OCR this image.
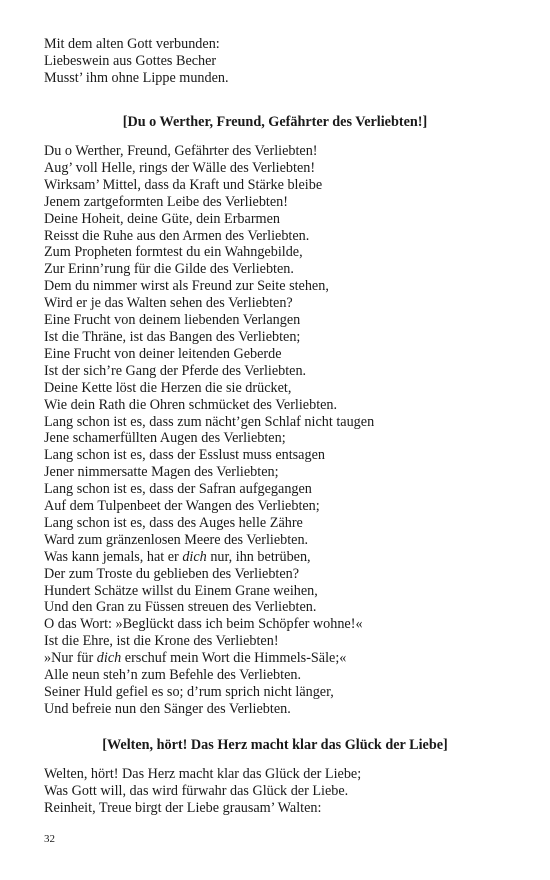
Mit dem alten Gott verbunden:
Liebeswein aus Gottes Becher
Musst’ ihm ohne Lippe munden.
[Du o Werther, Freund, Gefährter des Verliebten!]
Du o Werther, Freund, Gefährter des Verliebten!
Aug’ voll Helle, rings der Wälle des Verliebten!
Wirksam’ Mittel, dass da Kraft und Stärke bleibe
Jenem zartgeformten Leibe des Verliebten!
Deine Hoheit, deine Güte, dein Erbarmen
Reisst die Ruhe aus den Armen des Verliebten.
Zum Propheten formtest du ein Wahngebilde,
Zur Erinn’rung für die Gilde des Verliebten.
Dem du nimmer wirst als Freund zur Seite stehen,
Wird er je das Walten sehen des Verliebten?
Eine Frucht von deinem liebenden Verlangen
Ist die Thräne, ist das Bangen des Verliebten;
Eine Frucht von deiner leitenden Geberde
Ist der sich’re Gang der Pferde des Verliebten.
Deine Kette löst die Herzen die sie drücket,
Wie dein Rath die Ohren schmücket des Verliebten.
Lang schon ist es, dass zum nächt’gen Schlaf nicht taugen
Jene schamerfüllten Augen des Verliebten;
Lang schon ist es, dass der Esslust muss entsagen
Jener nimmersatte Magen des Verliebten;
Lang schon ist es, dass der Safran aufgegangen
Auf dem Tulpenbeet der Wangen des Verliebten;
Lang schon ist es, dass des Auges helle Zähre
Ward zum gränzenlosen Meere des Verliebten.
Was kann jemals, hat er dich nur, ihn betrüben,
Der zum Troste du geblieben des Verliebten?
Hundert Schätze willst du Einem Grane weihen,
Und den Gran zu Füssen streuen des Verliebten.
O das Wort: »Beglückt dass ich beim Schöpfer wohne!«
Ist die Ehre, ist die Krone des Verliebten!
»Nur für dich erschuf mein Wort die Himmels-Säle;«
Alle neun steh’n zum Befehle des Verliebten.
Seiner Huld gefiel es so; d’rum sprich nicht länger,
Und befreie nun den Sänger des Verliebten.
[Welten, hört! Das Herz macht klar das Glück der Liebe]
Welten, hört! Das Herz macht klar das Glück der Liebe;
Was Gott will, das wird fürwahr das Glück der Liebe.
Reinheit, Treue birgt der Liebe grausam’ Walten:
32
